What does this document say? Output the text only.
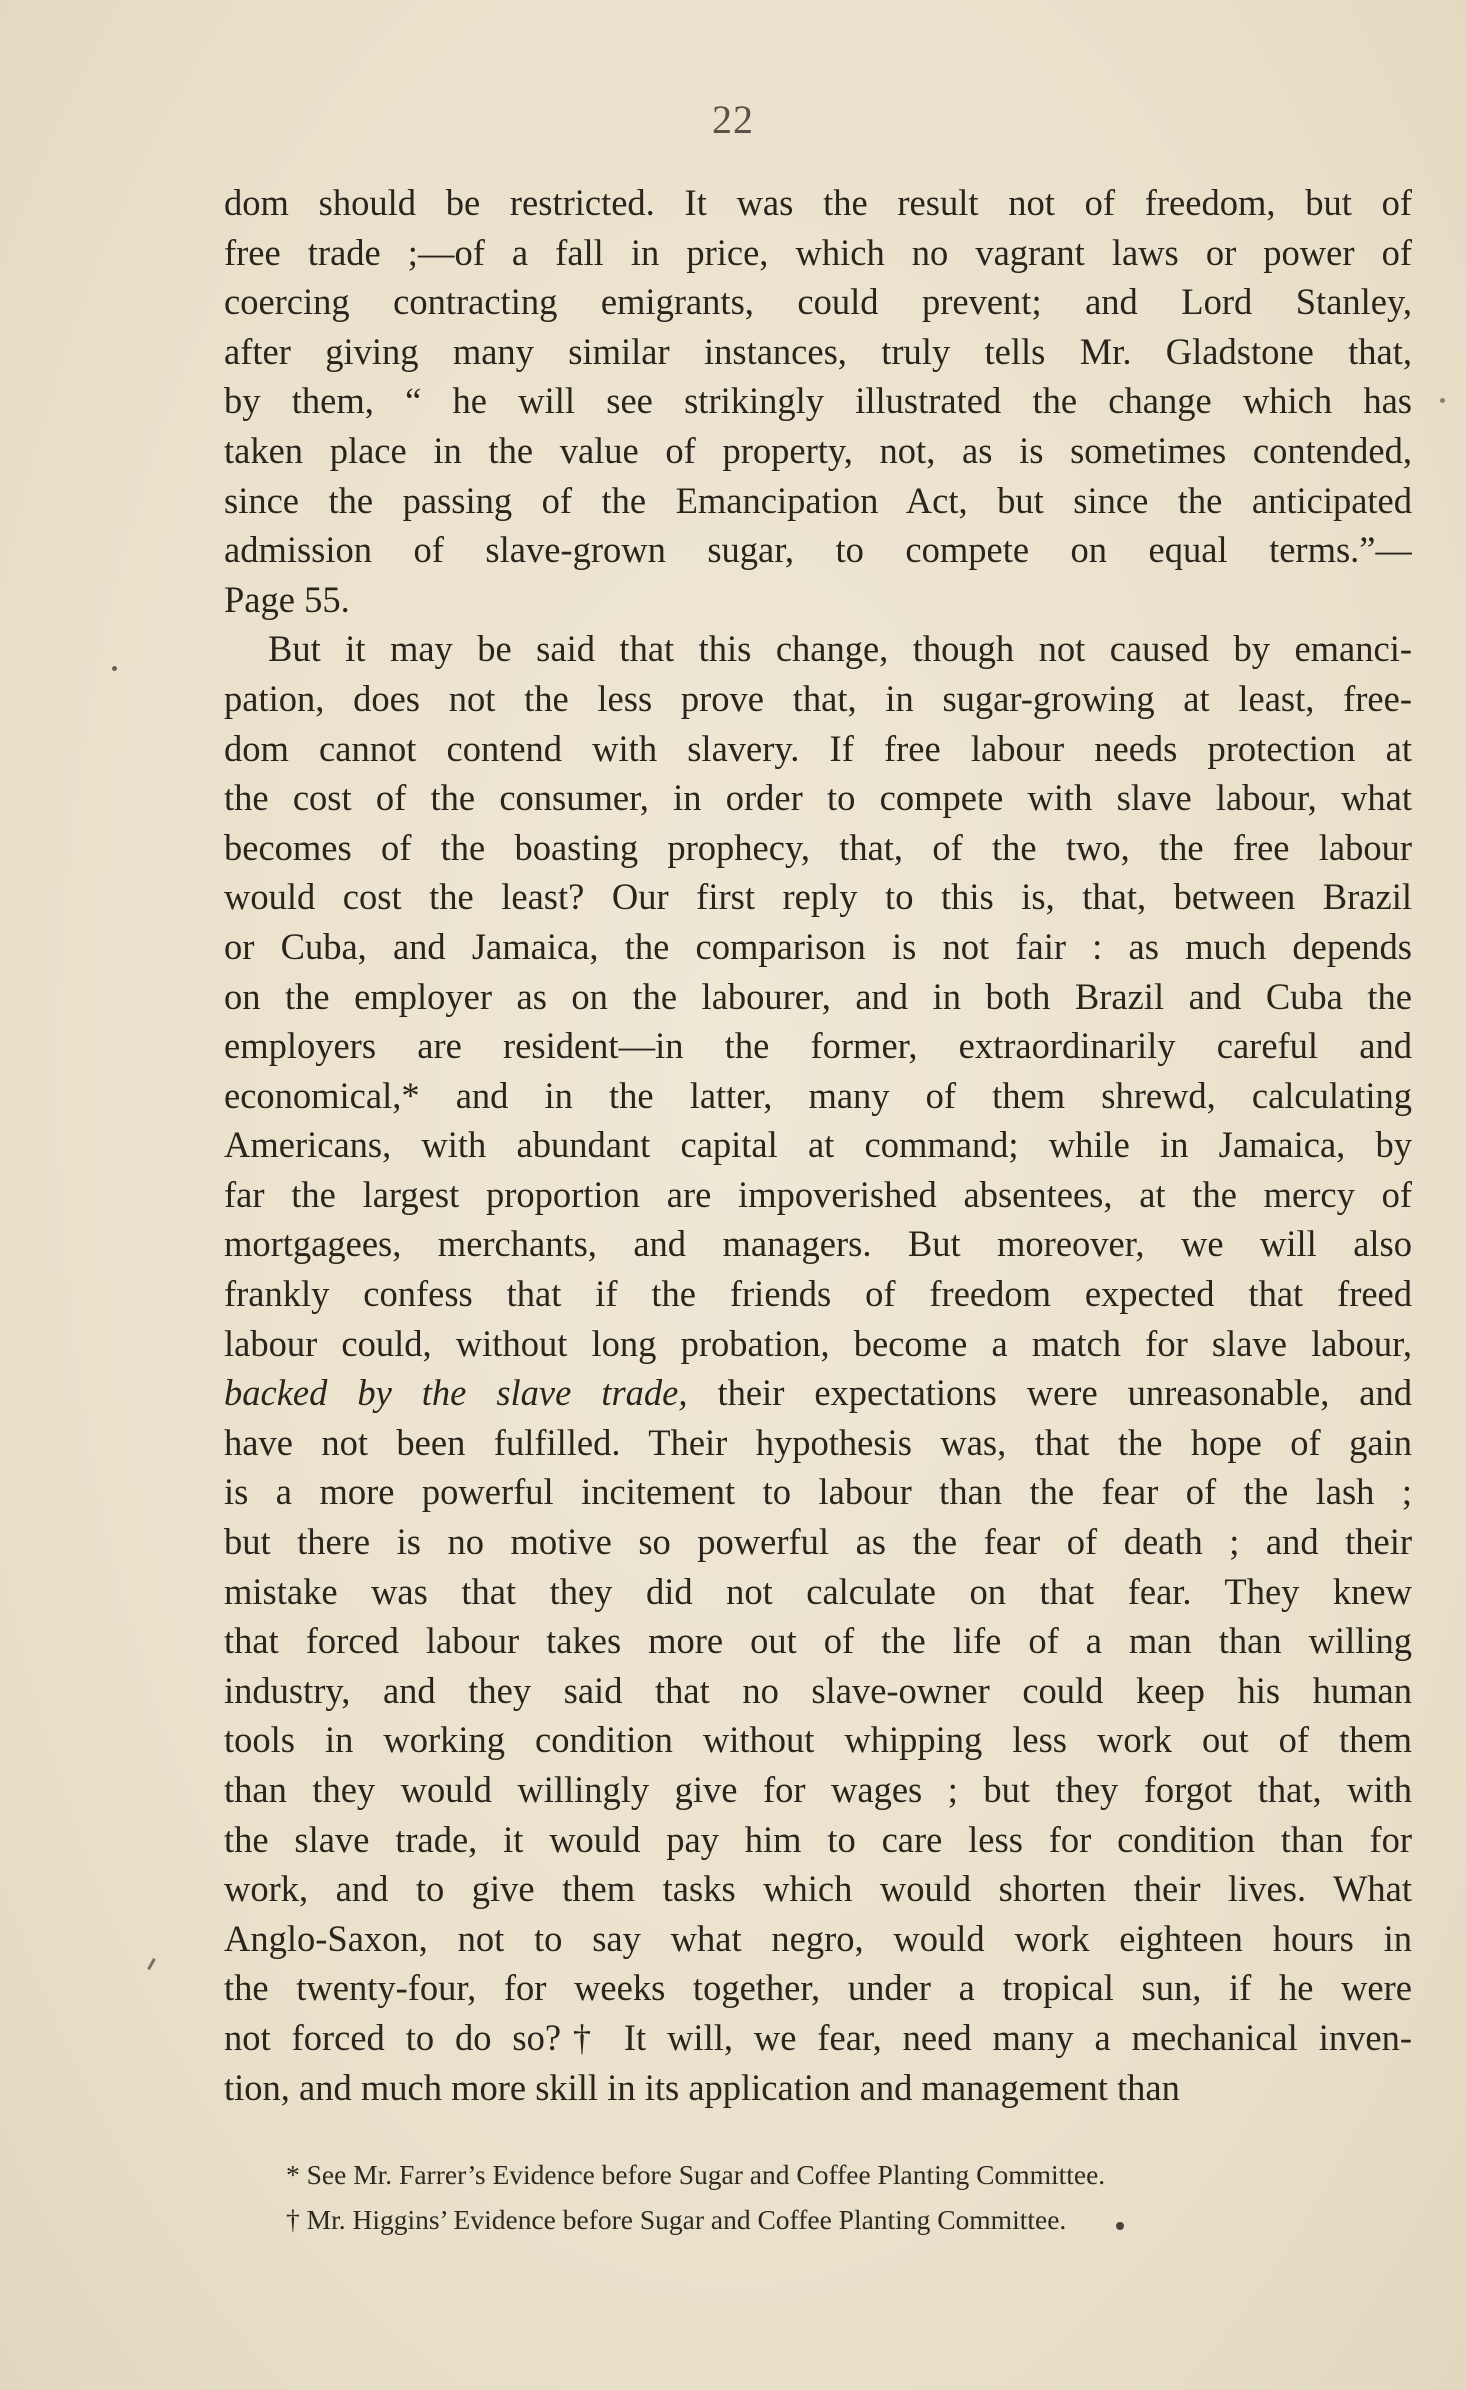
22
dom should be restricted. It was the result not of freedom, but of
free trade ;—of a fall in price, which no vagrant laws or power of
coercing contracting emigrants, could prevent; and Lord Stanley,
after giving many similar instances, truly tells Mr. Gladstone that,
by them, “ he will see strikingly illustrated the change which has
taken place in the value of property, not, as is sometimes contended,
since the passing of the Emancipation Act, but since the anticipated
admission of slave-grown sugar, to compete on equal terms.”—
Page 55.
But it may be said that this change, though not caused by emanci-
pation, does not the less prove that, in sugar-growing at least, free-
dom cannot contend with slavery. If free labour needs protection at
the cost of the consumer, in order to compete with slave labour, what
becomes of the boasting prophecy, that, of the two, the free labour
would cost the least? Our first reply to this is, that, between Brazil
or Cuba, and Jamaica, the comparison is not fair : as much depends
on the employer as on the labourer, and in both Brazil and Cuba the
employers are resident—in the former, extraordinarily careful and
economical,* and in the latter, many of them shrewd, calculating
Americans, with abundant capital at command; while in Jamaica, by
far the largest proportion are impoverished absentees, at the mercy of
mortgagees, merchants, and managers. But moreover, we will also
frankly confess that if the friends of freedom expected that freed
labour could, without long probation, become a match for slave labour,
backed by the slave trade, their expectations were unreasonable, and
have not been fulfilled. Their hypothesis was, that the hope of gain
is a more powerful incitement to labour than the fear of the lash ;
but there is no motive so powerful as the fear of death ; and their
mistake was that they did not calculate on that fear. They knew
that forced labour takes more out of the life of a man than willing
industry, and they said that no slave-owner could keep his human
tools in working condition without whipping less work out of them
than they would willingly give for wages ; but they forgot that, with
the slave trade, it would pay him to care less for condition than for
work, and to give them tasks which would shorten their lives. What
Anglo-Saxon, not to say what negro, would work eighteen hours in
the twenty-four, for weeks together, under a tropical sun, if he were
not forced to do so?† It will, we fear, need many a mechanical inven-
tion, and much more skill in its application and management than
* See Mr. Farrer’s Evidence before Sugar and Coffee Planting Committee.
† Mr. Higgins’ Evidence before Sugar and Coffee Planting Committee.
